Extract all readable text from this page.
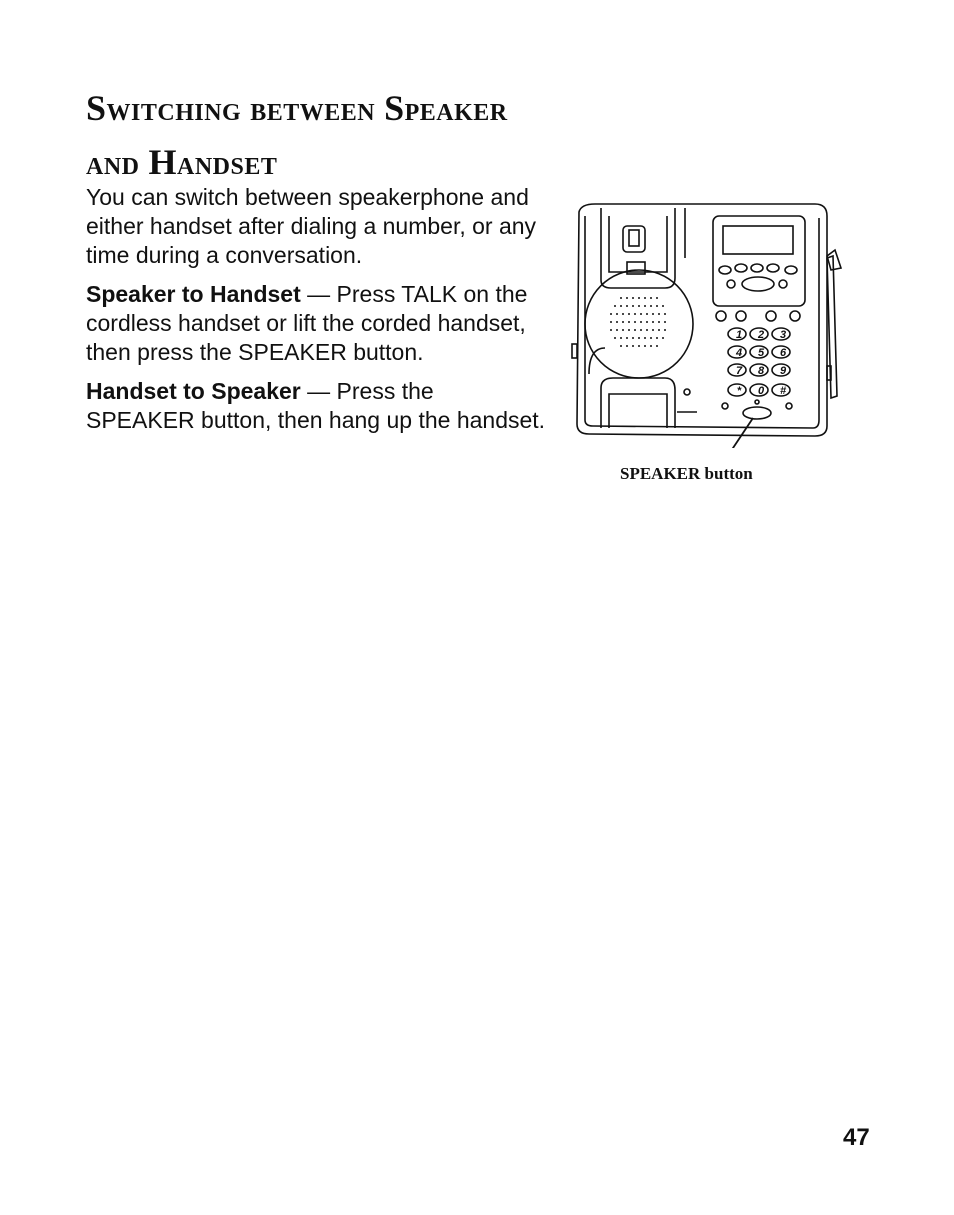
Switching between Speaker
and Handset

You can switch between speakerphone and either handset after dialing a number, or any time during a conversation.

Speaker to Handset — Press TALK on the cordless handset or lift the corded handset, then press the SPEAKER button.

Handset to Speaker — Press the SPEAKER button, then hang up the handset.

1 2 3
4 5 6
7 8 9
* 0 #
SPEAKER button
47
